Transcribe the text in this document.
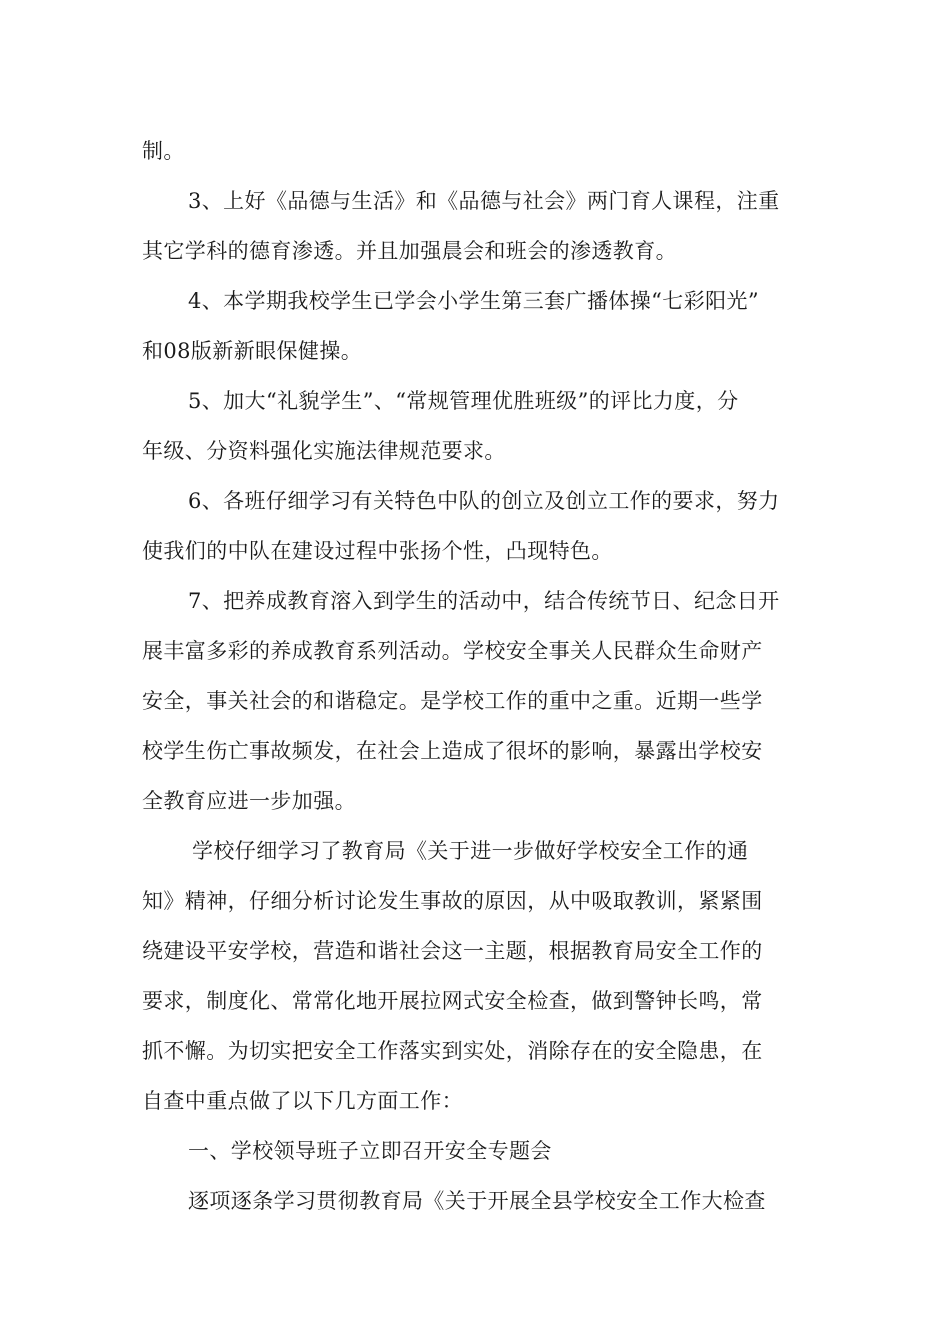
制。
3、上好《品德与生活》和《品德与社会》两门育人课程，注重
其它学科的德育渗透。并且加强晨会和班会的渗透教育。
4、本学期我校学生已学会小学生第三套广播体操“七彩阳光”
和08版新新眼保健操。
5、加大“礼貌学生”、“常规管理优胜班级”的评比力度，分
年级、分资料强化实施法律规范要求。
6、各班仔细学习有关特色中队的创立及创立工作的要求，努力
使我们的中队在建设过程中张扬个性，凸现特色。
7、把养成教育溶入到学生的活动中，结合传统节日、纪念日开
展丰富多彩的养成教育系列活动。学校安全事关人民群众生命财产
安全，事关社会的和谐稳定。是学校工作的重中之重。近期一些学
校学生伤亡事故频发，在社会上造成了很坏的影响，暴露出学校安
全教育应进一步加强。
学校仔细学习了教育局《关于进一步做好学校安全工作的通
知》精神，仔细分析讨论发生事故的原因，从中吸取教训，紧紧围
绕建设平安学校，营造和谐社会这一主题，根据教育局安全工作的
要求，制度化、常常化地开展拉网式安全检查，做到警钟长鸣，常
抓不懈。为切实把安全工作落实到实处，消除存在的安全隐患，在
自查中重点做了以下几方面工作：
一、学校领导班子立即召开安全专题会
逐项逐条学习贯彻教育局《关于开展全县学校安全工作大检查
